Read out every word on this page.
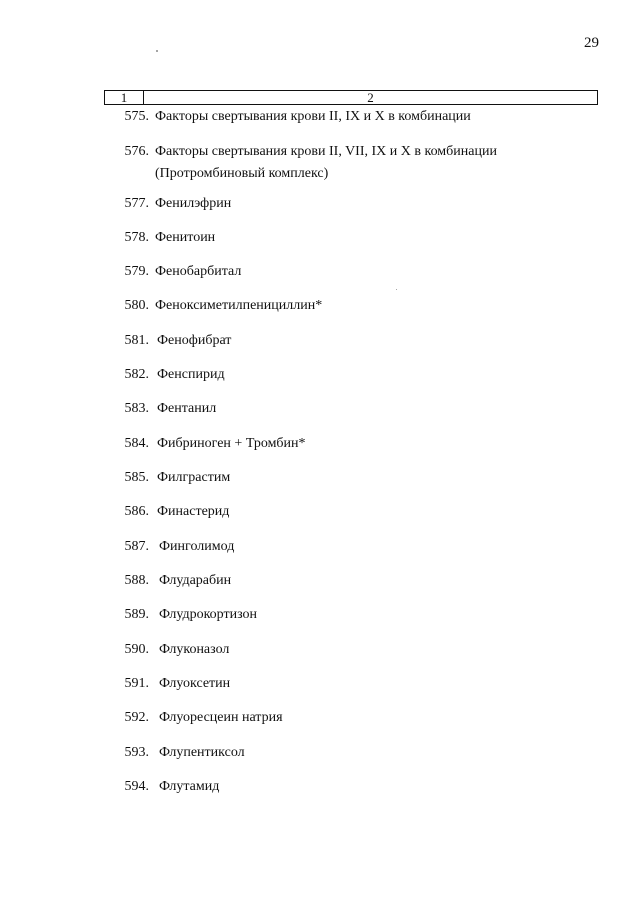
29
1	2
575. Факторы свертывания крови II, IX и X в комбинации
576. Факторы свертывания крови II, VII, IX и X в комбинации (Протромбиновый комплекс)
577. Фенилэфрин
578. Фенитоин
579. Фенобарбитал
580. Феноксиметилпенициллин*
581. Фенофибрат
582. Фенспирид
583. Фентанил
584. Фибриноген + Тромбин*
585. Филграстим
586. Финастерид
587. Финголимод
588. Флударабин
589. Флудрокортизон
590. Флуконазол
591. Флуоксетин
592. Флуоресцеин натрия
593. Флупентиксол
594. Флутамид
